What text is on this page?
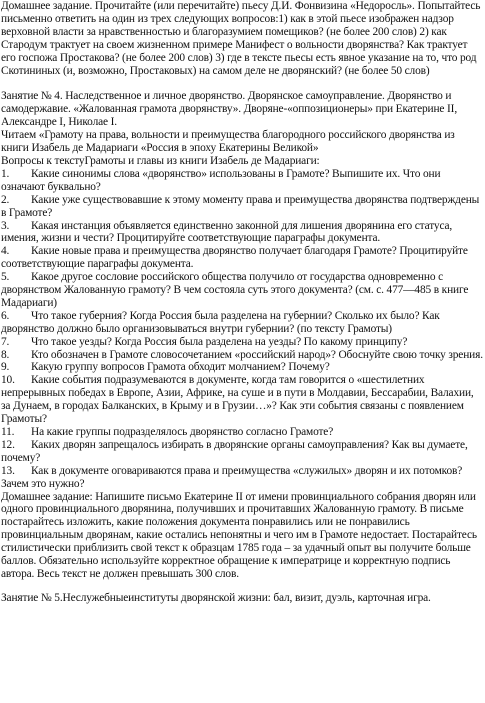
Домашнее задание. Прочитайте (или перечитайте) пьесу Д.И. Фонвизина «Недоросль». Попытайтесь письменно ответить на один из трех следующих вопросов:1) как в этой пьесе изображен надзор верховной власти за нравственностью и благоразумием помещиков? (не более 200 слов) 2) как Стародум трактует на своем жизненном примере Манифест о вольности дворянства? Как трактует его госпожа Простакова? (не более 200 слов) 3) где в тексте пьесы есть явное указание на то, что род Скотининых (и, возможно, Простаковых) на самом деле не дворянский? (не более 50 слов)

Занятие № 4. Наследственное и личное дворянство. Дворянское самоуправление. Дворянство и самодержавие. «Жалованная грамота дворянству». Дворяне-«оппозиционеры» при Екатерине II, Александре I, Николае I.

Читаем «Грамоту на права, вольности и преимущества благородного российского дворянства из книги Изабель де Мадариаги «Россия в эпоху Екатерины Великой»

Вопросы к текстуГрамоты и главы из книги Изабель де Мадариаги:

1. Какие синонимы слова «дворянство» использованы в Грамоте? Выпишите их. Что они означают буквально?

2. Какие уже существовавшие к этому моменту права и преимущества дворянства подтверждены в Грамоте?

3. Какая инстанция объявляется единственно законной для лишения дворянина его статуса, имения, жизни и чести? Процитируйте соответствующие параграфы документа.

4. Какие новые права и преимущества дворянство получает благодаря Грамоте? Процитируйте соответствующие параграфы документа.

5. Какое другое сословие российского общества получило от государства одновременно с дворянством Жалованную грамоту? В чем состояла суть этого документа? (см. с. 477—485 в книге Мадариаги)

6. Что такое губерния? Когда Россия была разделена на губернии? Сколько их было? Как дворянство должно было организовываться внутри губернии? (по тексту Грамоты)

7. Что такое уезды? Когда Россия была разделена на уезды? По какому принципу?

8. Кто обозначен в Грамоте словосочетанием «российский народ»? Обоснуйте свою точку зрения.

9. Какую группу вопросов Грамота обходит молчанием? Почему?

10. Какие события подразумеваются в документе, когда там говорится о «шестилетних непрерывных победах в Европе, Азии, Африке, на суше и в пути в Молдавии, Бессарабии, Валахии, за Дунаем, в городах Балканских, в Крыму и в Грузии…»? Как эти события связаны с появлением Грамоты?

11. На какие группы подразделялось дворянство согласно Грамоте?

12. Каких дворян запрещалось избирать в дворянские органы самоуправления? Как вы думаете, почему?

13. Как в документе оговариваются права и преимущества «служилых» дворян и их потомков? Зачем это нужно?

Домашнее задание: Напишите письмо Екатерине II от имени провинциального собрания дворян или одного провинциального дворянина, получивших и прочитавших Жалованную грамоту. В письме постарайтесь изложить, какие положения документа понравились или не понравились провинциальным дворянам, какие остались непонятны и чего им в Грамоте недостает. Постарайтесь стилистически приблизить свой текст к образцам 1785 года – за удачный опыт вы получите больше баллов. Обязательно используйте корректное обращение к императрице и корректную подпись автора. Весь текст не должен превышать 300 слов.

Занятие № 5.Неслужебныеинституты дворянской жизни: бал, визит, дуэль, карточная игра.
